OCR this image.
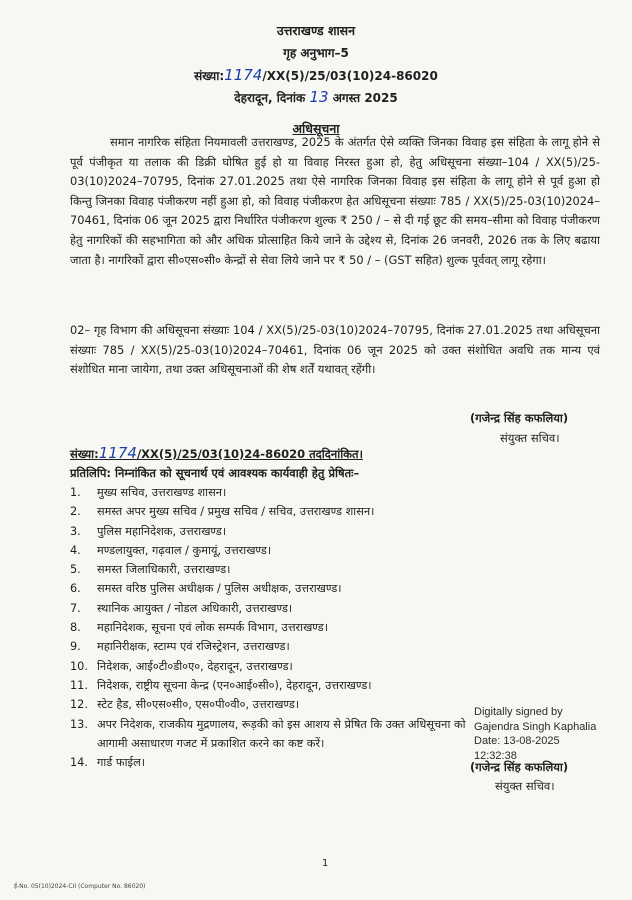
उत्तराखण्ड शासन
गृह अनुभाग–5
संख्या:1174/XX(5)/25/03(10)24-86020
देहरादून, दिनांक 13 अगस्त 2025
अधिसूचना
समान नागरिक संहिता नियमावली उत्तराखण्ड, 2025 के अंतर्गत ऐसे व्यक्ति जिनका विवाह इस संहिता के लागू होने से पूर्व पंजीकृत या तलाक की डिक्री घोषित हुई हो या विवाह निरस्त हुआ हो, हेतु अधिसूचना संख्या–104 / XX(5)/25-03(10)2024–70795, दिनांक 27.01.2025 तथा ऐसे नागरिक जिनका विवाह इस संहिता के लागू होने से पूर्व हुआ हो किन्तु जिनका विवाह पंजीकरण नहीं हुआ हो, को विवाह पंजीकरण हेत अधिसूचना संख्याः 785 / XX(5)/25-03(10)2024–70461, दिनांक 06 जून 2025 द्वारा निर्धारित पंजीकरण शुल्क ₹ 250 / – से दी गई छूट की समय–सीमा को विवाह पंजीकरण हेतु नागरिकों की सहभागिता को और अधिक प्रोत्साहित किये जाने के उद्देश्य से, दिनांक 26 जनवरी, 2026 तक के लिए बढाया जाता है। नागरिकों द्वारा सी०एस०सी० केन्द्रों से सेवा लिये जाने पर ₹ 50 / – (GST सहित) शुल्क पूर्ववत् लागू रहेगा।
02– गृह विभाग की अधिसूचना संख्याः 104 / XX(5)/25-03(10)2024–70795, दिनांक 27.01.2025 तथा अधिसूचना संख्याः 785 / XX(5)/25-03(10)2024–70461, दिनांक 06 जून 2025 को उक्त संशोधित अवधि तक मान्य एवं संशोधित माना जायेगा, तथा उक्त अधिसूचनाओं की शेष शर्तें यथावत् रहेंगी।
(गजेन्द्र सिंह कफलिया)
संयुक्त सचिव।
संख्या:1174/XX(5)/25/03(10)24-86020 तददिनांकित।
प्रतिलिपि: निम्नांकित को सूचनार्थ एवं आवश्यक कार्यवाही हेतु प्रेषितः–
1. मुख्य सचिव, उत्तराखण्ड शासन।
2. समस्त अपर मुख्य सचिव / प्रमुख सचिव / सचिव, उत्तराखण्ड शासन।
3. पुलिस महानिदेशक, उत्तराखण्ड।
4. मण्डलायुक्त, गढ़वाल / कुमायूं, उत्तराखण्ड।
5. समस्त जिलाधिकारी, उत्तराखण्ड।
6. समस्त वरिष्ठ पुलिस अधीक्षक / पुलिस अधीक्षक, उत्तराखण्ड।
7. स्थानिक आयुक्त / नोडल अधिकारी, उत्तराखण्ड।
8. महानिदेशक, सूचना एवं लोक सम्पर्क विभाग, उत्तराखण्ड।
9. महानिरीक्षक, स्टाम्प एवं रजिस्ट्रेशन, उत्तराखण्ड।
10. निदेशक, आई०टी०डी०ए०, देहरादून, उत्तराखण्ड।
11. निदेशक, राष्ट्रीय सूचना केन्द्र (एन०आई०सी०), देहरादून, उत्तराखण्ड।
12. स्टेट हैड, सी०एस०सी०, एस०पी०वी०, उत्तराखण्ड।
13. अपर निदेशक, राजकीय मुद्रणालय, रूड़की को इस आशय से प्रेषित कि उक्त अधिसूचना को
आगामी असाधारण गजट में प्रकाशित करने का कष्ट करें।
14. गार्ड फाईल।
Digitally signed by
Gajendra Singh Kaphalia
Date: 13-08-2025
12:32:38
(गजेन्द्र सिंह कफलिया)
संयुक्त सचिव।
1
ई-No. 05(10)2024-CII (Computer No. 86020)
